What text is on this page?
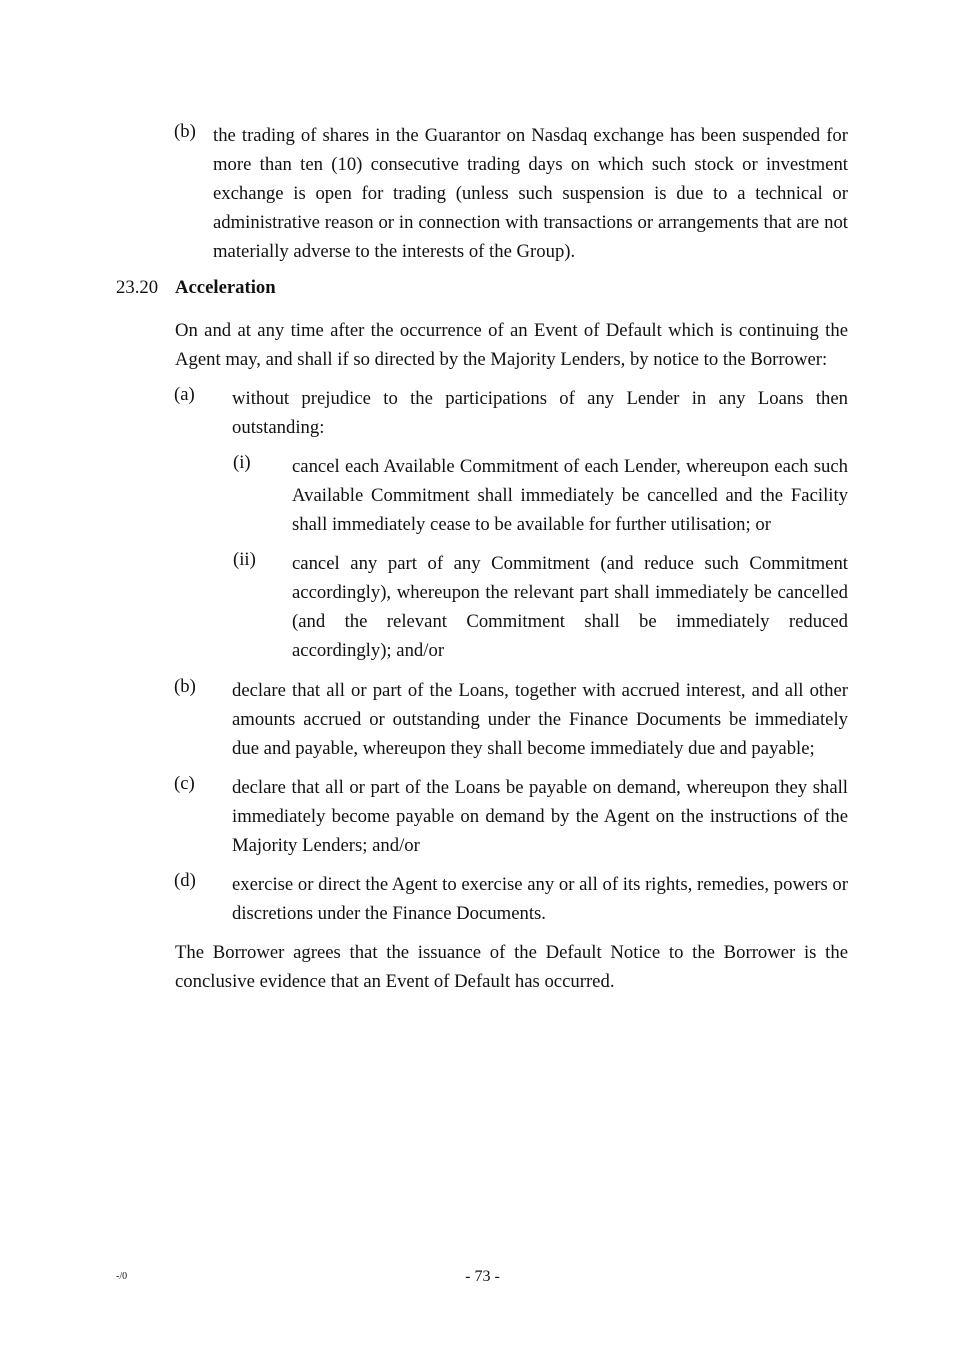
(b) the trading of shares in the Guarantor on Nasdaq exchange has been suspended for more than ten (10) consecutive trading days on which such stock or investment exchange is open for trading (unless such suspension is due to a technical or administrative reason or in connection with transactions or arrangements that are not materially adverse to the interests of the Group).
23.20 Acceleration
On and at any time after the occurrence of an Event of Default which is continuing the Agent may, and shall if so directed by the Majority Lenders, by notice to the Borrower:
(a) without prejudice to the participations of any Lender in any Loans then outstanding:
(i) cancel each Available Commitment of each Lender, whereupon each such Available Commitment shall immediately be cancelled and the Facility shall immediately cease to be available for further utilisation; or
(ii) cancel any part of any Commitment (and reduce such Commitment accordingly), whereupon the relevant part shall immediately be cancelled (and the relevant Commitment shall be immediately reduced accordingly); and/or
(b) declare that all or part of the Loans, together with accrued interest, and all other amounts accrued or outstanding under the Finance Documents be immediately due and payable, whereupon they shall become immediately due and payable;
(c) declare that all or part of the Loans be payable on demand, whereupon they shall immediately become payable on demand by the Agent on the instructions of the Majority Lenders; and/or
(d) exercise or direct the Agent to exercise any or all of its rights, remedies, powers or discretions under the Finance Documents.
The Borrower agrees that the issuance of the Default Notice to the Borrower is the conclusive evidence that an Event of Default has occurred.
-/0	- 73 -
